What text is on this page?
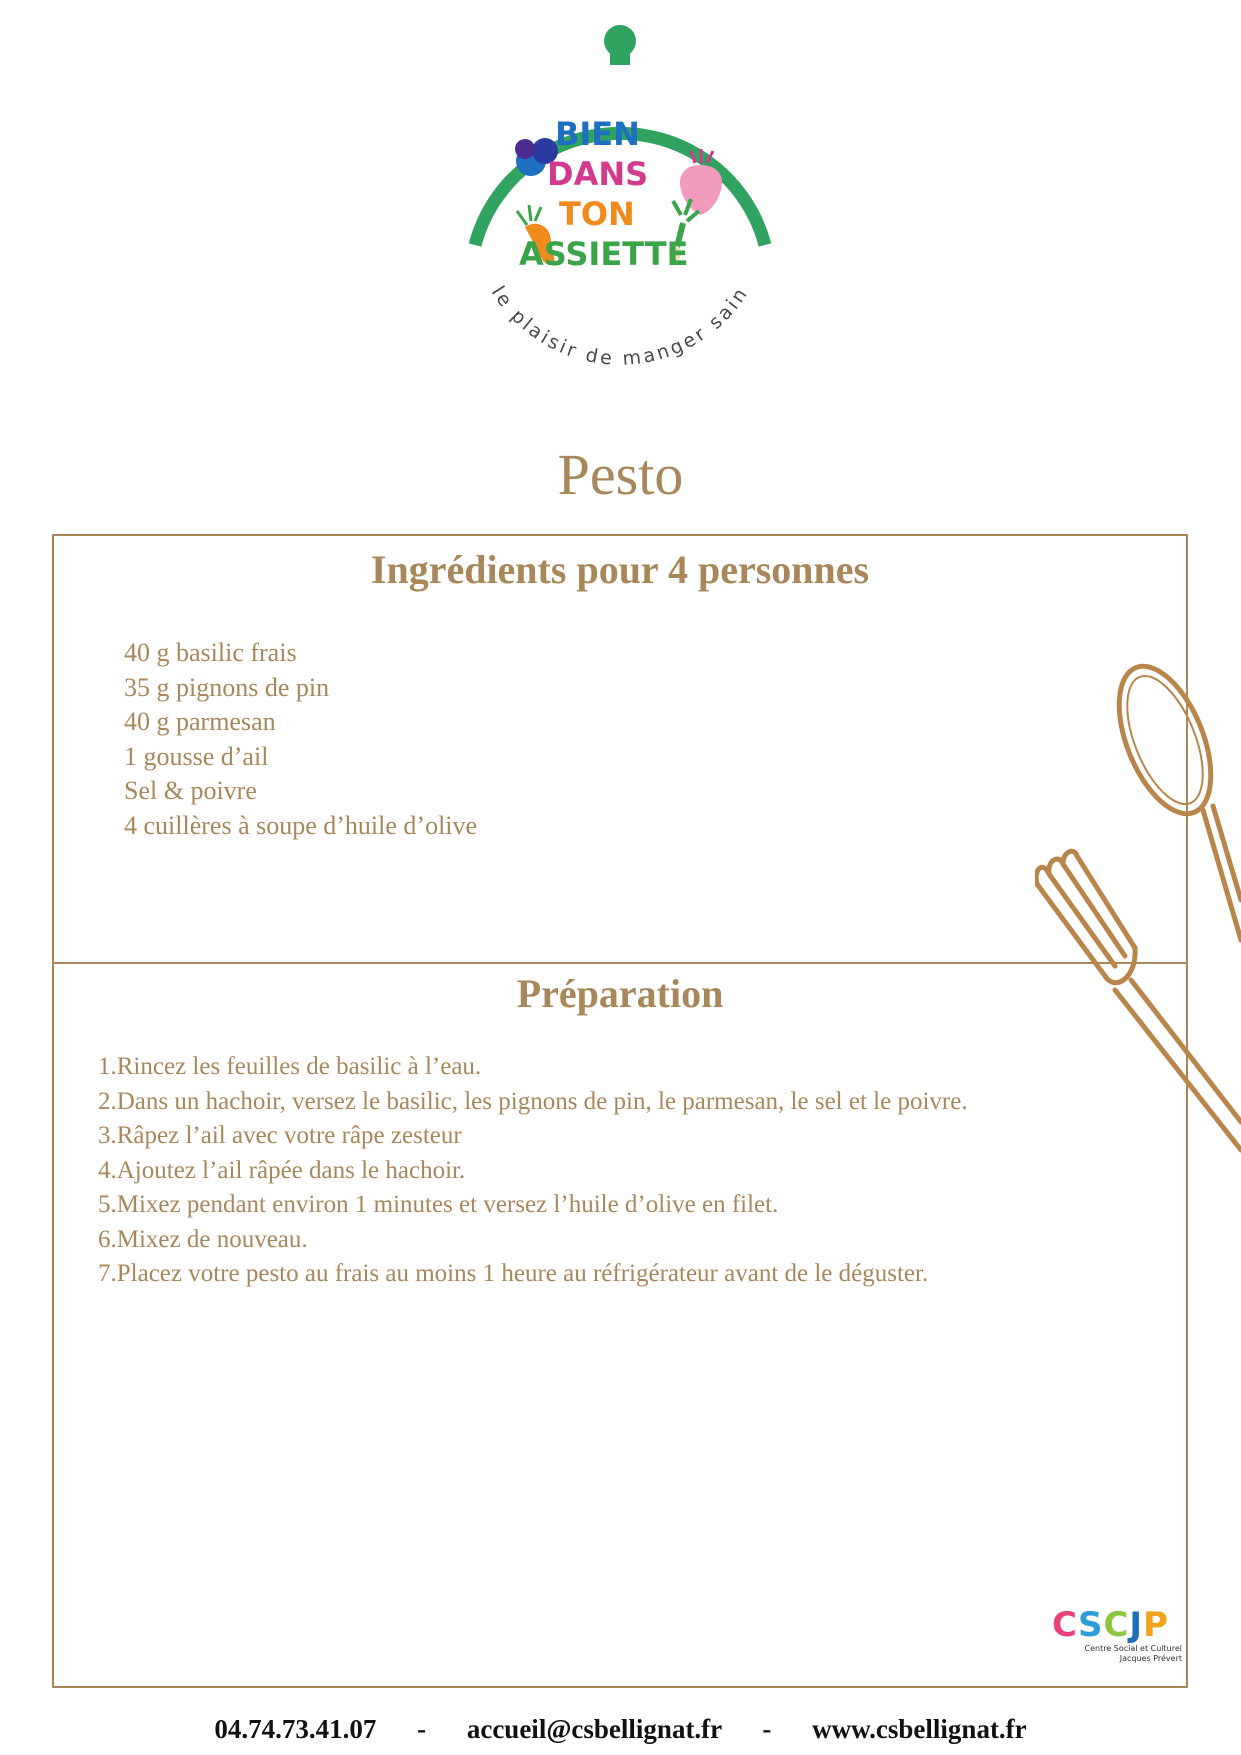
BIEN
DANS
TON
ASSIETTE
le plaisir de manger sain
Pesto
Ingrédients pour 4 personnes
40 g basilic frais
35 g pignons de pin
40 g parmesan
1 gousse d’ail
Sel & poivre
4 cuillères à soupe d’huile d’olive
Préparation
1.Rincez les feuilles de basilic à l’eau.
2.Dans un hachoir, versez le basilic, les pignons de pin, le parmesan, le sel et le poivre.
3.Râpez l’ail avec votre râpe zesteur
4.Ajoutez l’ail râpée dans le hachoir.
5.Mixez pendant environ 1 minutes et versez l’huile d’olive en filet.
6.Mixez de nouveau.
7.Placez votre pesto au frais au moins 1 heure au réfrigérateur avant de le déguster.
C S C J P
Centre Social et Culturel
Jacques Prévert
04.74.73.41.07 - accueil@csbellignat.fr - www.csbellignat.fr
